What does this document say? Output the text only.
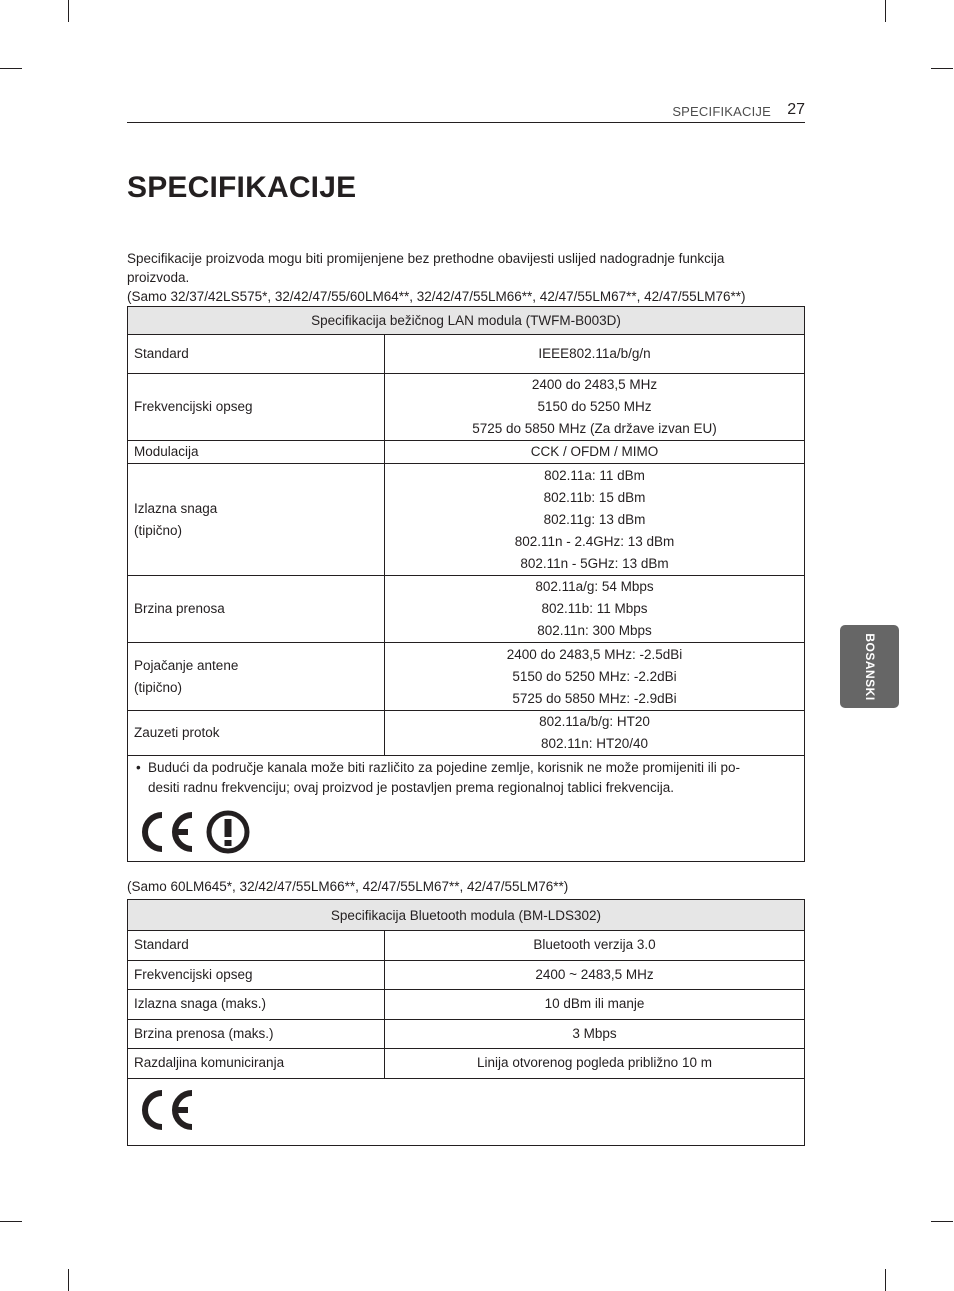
SPECIFIKACIJE 27
SPECIFIKACIJE
Specifikacije proizvoda mogu biti promijenjene bez prethodne obavijesti uslijed nadogradnje funkcija
proizvoda.
(Samo 32/37/42LS575*, 32/42/47/55/60LM64**, 32/42/47/55LM66**, 42/47/55LM67**, 42/47/55LM76**)
Specifikacija bežičnog LAN modula (TWFM-B003D)	

Standard	IEEE802.11a/b/g/n

Frekvencijski opseg	2400 do 2483,5 MHz
5150 do 5250 MHz
5725 do 5850 MHz (Za države izvan EU)

Modulacija	CCK / OFDM / MIMO

Izlazna snaga
(tipično)	802.11a: 11 dBm
802.11b: 15 dBm
802.11g: 13 dBm
802.11n - 2.4GHz: 13 dBm
802.11n - 5GHz: 13 dBm

Brzina prenosa	802.11a/g: 54 Mbps
802.11b: 11 Mbps
802.11n: 300 Mbps

Pojačanje antene
(tipično)	2400 do 2483,5 MHz: -2.5dBi
5150 do 5250 MHz: -2.2dBi
5725 do 5850 MHz: -2.9dBi

Zauzeti protok	802.11a/b/g: HT20
802.11n: HT20/40

• Budući da područje kanala može biti različito za pojedine zemlje, korisnik ne može promijeniti ili po-
desiti radnu frekvenciju; ovaj proizvod je postavljen prema regionalnoj tablici frekvencija.	
(Samo 60LM645*, 32/42/47/55LM66**, 42/47/55LM67**, 42/47/55LM76**)
Specifikacija Bluetooth modula (BM-LDS302)	
Standard	Bluetooth verzija 3.0
Frekvencijski opseg	2400 ~ 2483,5 MHz
Izlazna snaga (maks.)	10 dBm ili manje
Brzina prenosa (maks.)	3 Mbps
Razdaljina komuniciranja	Linija otvorenog pogleda približno 10 m

BOSANSKI
